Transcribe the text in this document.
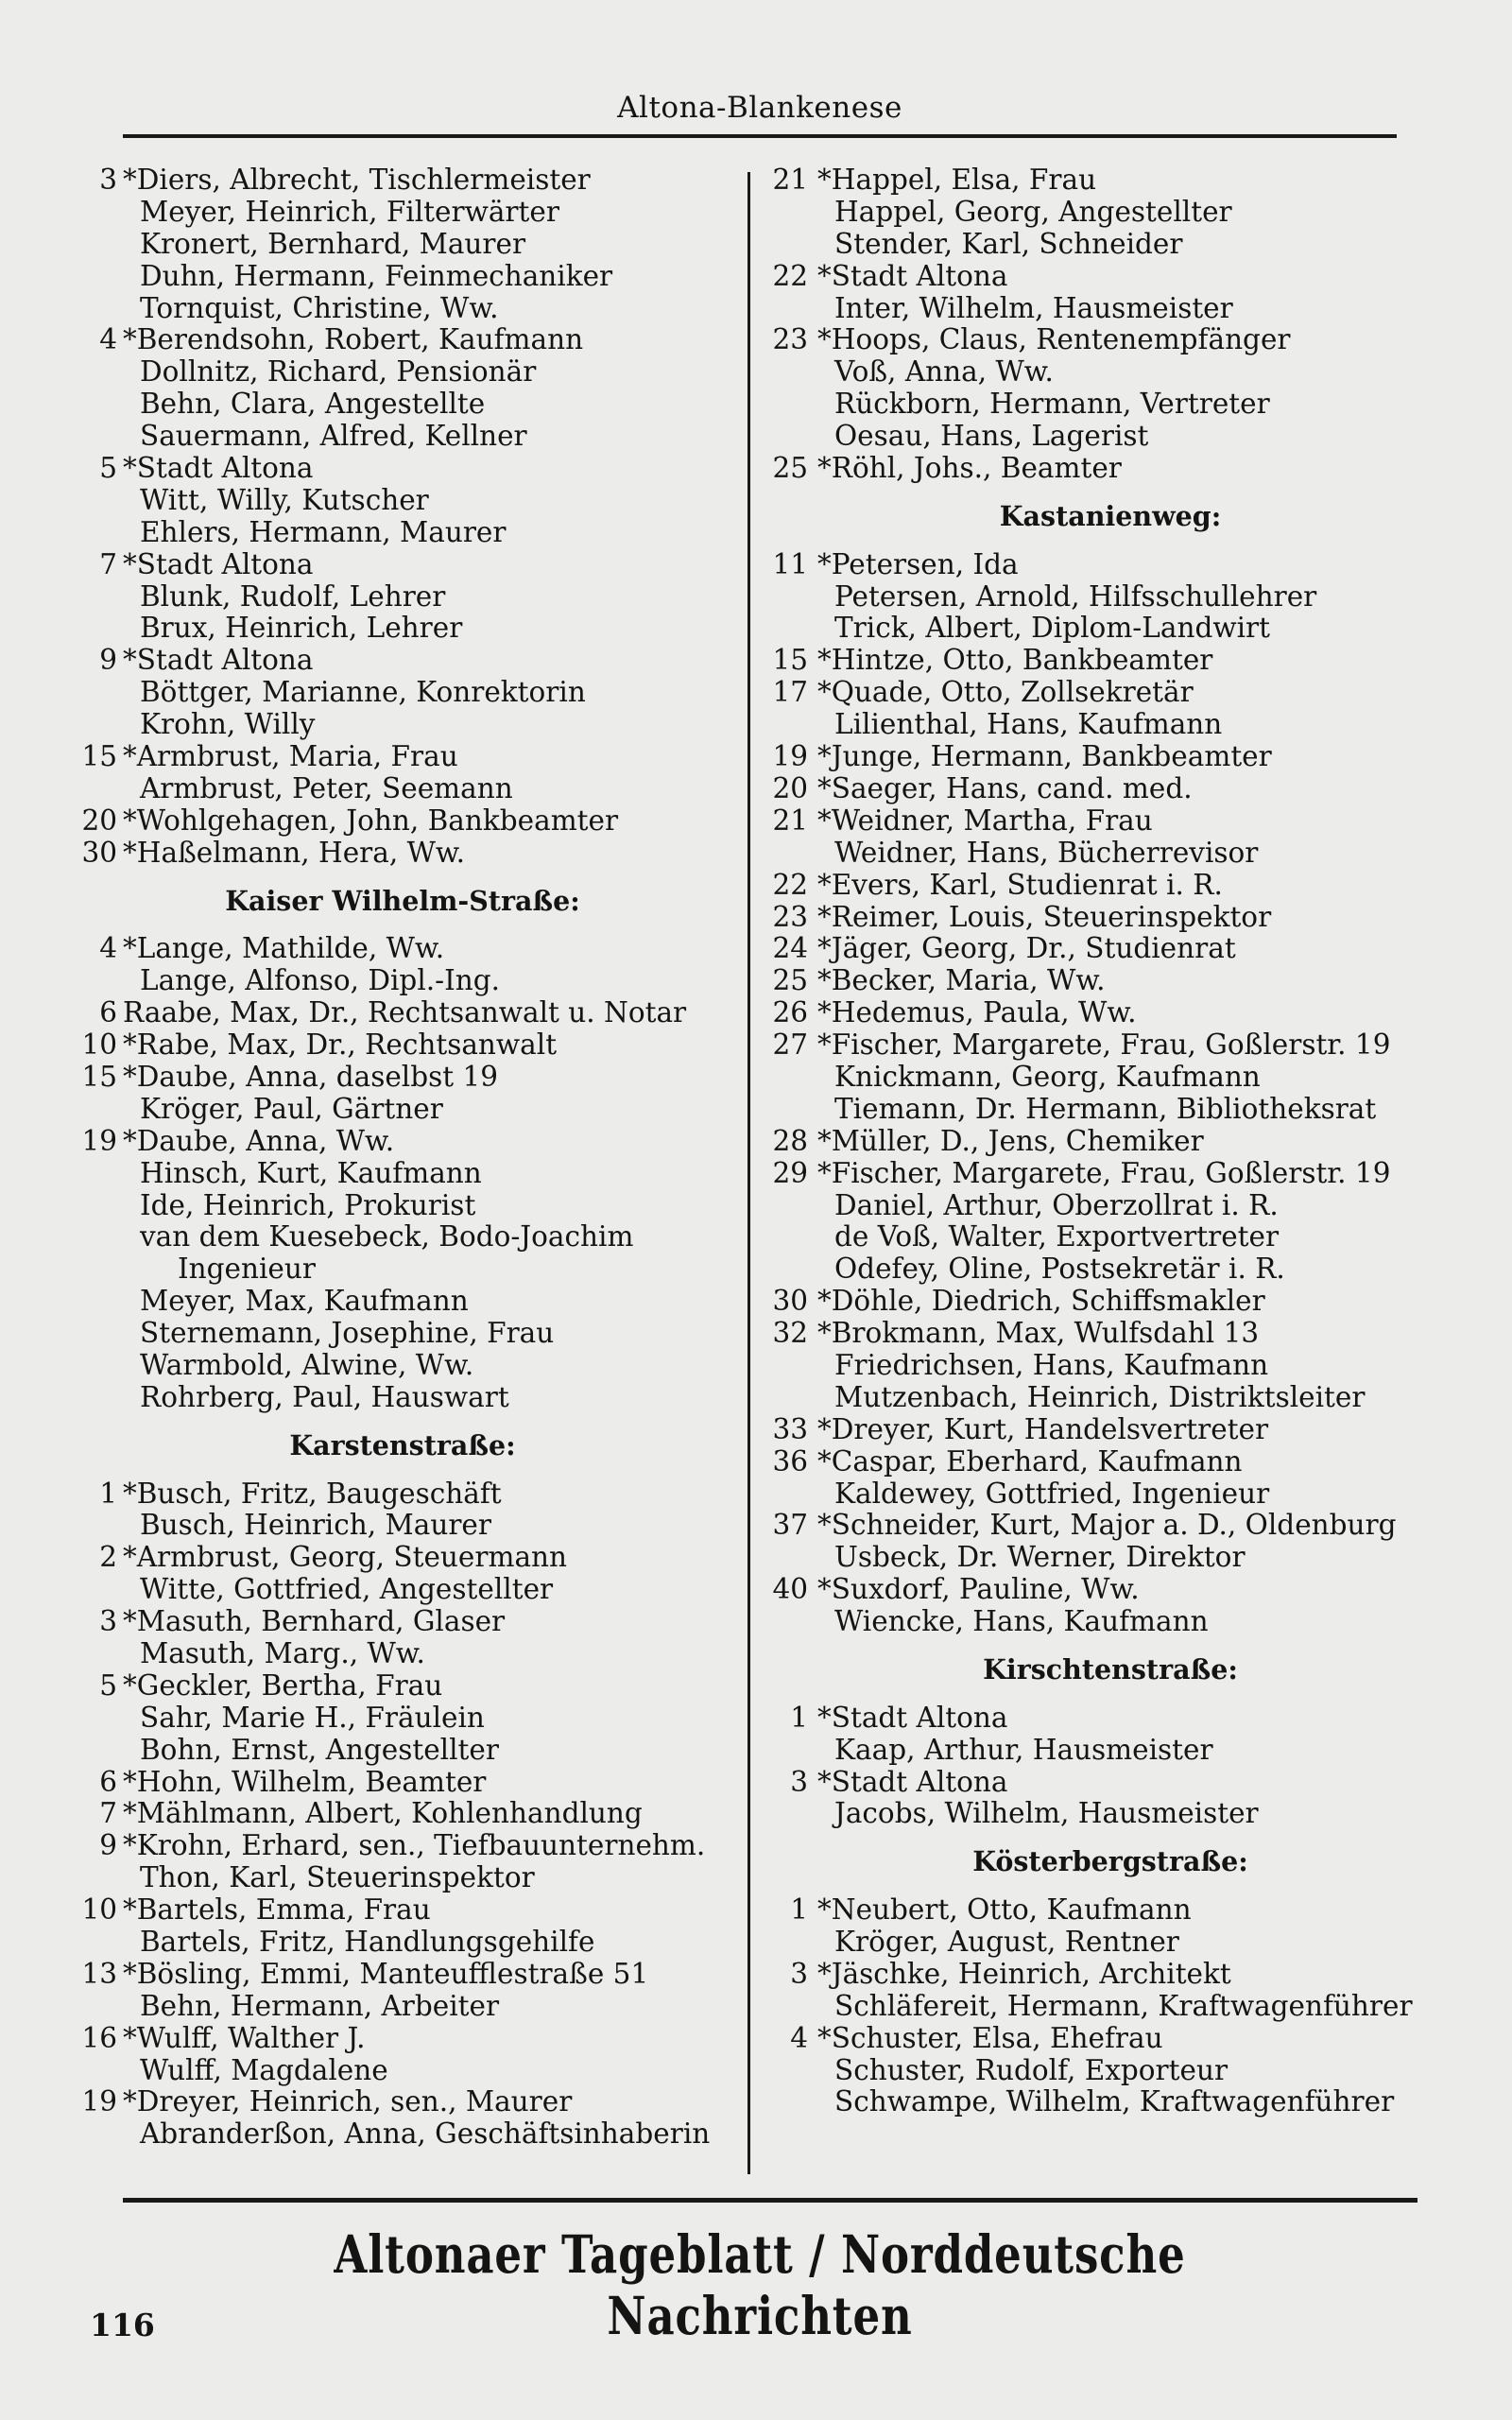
Altona-Blankenese
3 *Diers, Albrecht, Tischlermeister
Meyer, Heinrich, Filterwärter
Kronert, Bernhard, Maurer
Duhn, Hermann, Feinmechaniker
Tornquist, Christine, Ww.
4 *Berendsohn, Robert, Kaufmann
Dollnitz, Richard, Pensionär
Behn, Clara, Angestellte
Sauermann, Alfred, Kellner
5 *Stadt Altona
Witt, Willy, Kutscher
Ehlers, Hermann, Maurer
7 *Stadt Altona
Blunk, Rudolf, Lehrer
Brux, Heinrich, Lehrer
9 *Stadt Altona
Böttger, Marianne, Konrektorin
Krohn, Willy
15 *Armbrust, Maria, Frau
Armbrust, Peter, Seemann
20 *Wohlgehagen, John, Bankbeamter
30 *Haßelmann, Hera, Ww.
Kaiser Wilhelm-Straße:
4 *Lange, Mathilde, Ww.
Lange, Alfonso, Dipl.-Ing.
6 Raabe, Max, Dr., Rechtsanwalt u. Notar
10 *Rabe, Max, Dr., Rechtsanwalt
15 *Daube, Anna, daselbst 19
Kröger, Paul, Gärtner
19 *Daube, Anna, Ww.
Hinsch, Kurt, Kaufmann
Ide, Heinrich, Prokurist
van dem Kuesebeck, Bodo-Joachim
Ingenieur
Meyer, Max, Kaufmann
Sternemann, Josephine, Frau
Warmbold, Alwine, Ww.
Rohrberg, Paul, Hauswart
Karstenstraße:
1 *Busch, Fritz, Baugeschäft
Busch, Heinrich, Maurer
2 *Armbrust, Georg, Steuermann
Witte, Gottfried, Angestellter
3 *Masuth, Bernhard, Glaser
Masuth, Marg., Ww.
5 *Geckler, Bertha, Frau
Sahr, Marie H., Fräulein
Bohn, Ernst, Angestellter
6 *Hohn, Wilhelm, Beamter
7 *Mählmann, Albert, Kohlenhandlung
9 *Krohn, Erhard, sen., Tiefbauunternehm.
Thon, Karl, Steuerinspektor
10 *Bartels, Emma, Frau
Bartels, Fritz, Handlungsgehilfe
13 *Bösling, Emmi, Manteufflestraße 51
Behn, Hermann, Arbeiter
16 *Wulff, Walther J.
Wulff, Magdalene
19 *Dreyer, Heinrich, sen., Maurer
Abranderßon, Anna, Geschäftsinhaberin
21 *Happel, Elsa, Frau
Happel, Georg, Angestellter
Stender, Karl, Schneider
22 *Stadt Altona
Inter, Wilhelm, Hausmeister
23 *Hoops, Claus, Rentenempfänger
Voß, Anna, Ww.
Rückborn, Hermann, Vertreter
Oesau, Hans, Lagerist
25 *Röhl, Johs., Beamter
Kastanienweg:
11 *Petersen, Ida
Petersen, Arnold, Hilfsschullehrer
Trick, Albert, Diplom-Landwirt
15 *Hintze, Otto, Bankbeamter
17 *Quade, Otto, Zollsekretär
Lilienthal, Hans, Kaufmann
19 *Junge, Hermann, Bankbeamter
20 *Saeger, Hans, cand. med.
21 *Weidner, Martha, Frau
Weidner, Hans, Bücherrevisor
22 *Evers, Karl, Studienrat i. R.
23 *Reimer, Louis, Steuerinspektor
24 *Jäger, Georg, Dr., Studienrat
25 *Becker, Maria, Ww.
26 *Hedemus, Paula, Ww.
27 *Fischer, Margarete, Frau, Goßlerstr. 19
Knickmann, Georg, Kaufmann
Tiemann, Dr. Hermann, Bibliotheksrat
28 *Müller, D., Jens, Chemiker
29 *Fischer, Margarete, Frau, Goßlerstr. 19
Daniel, Arthur, Oberzollrat i. R.
de Voß, Walter, Exportvertreter
Odefey, Oline, Postsekretär i. R.
30 *Döhle, Diedrich, Schiffsmakler
32 *Brokmann, Max, Wulfsdahl 13
Friedrichsen, Hans, Kaufmann
Mutzenbach, Heinrich, Distriktsleiter
33 *Dreyer, Kurt, Handelsvertreter
36 *Caspar, Eberhard, Kaufmann
Kaldewey, Gottfried, Ingenieur
37 *Schneider, Kurt, Major a. D., Oldenburg
Usbeck, Dr. Werner, Direktor
40 *Suxdorf, Pauline, Ww.
Wiencke, Hans, Kaufmann
Kirschtenstraße:
1 *Stadt Altona
Kaap, Arthur, Hausmeister
3 *Stadt Altona
Jacobs, Wilhelm, Hausmeister
Kösterbergstraße:
1 *Neubert, Otto, Kaufmann
Kröger, August, Rentner
3 *Jäschke, Heinrich, Architekt
Schläfereit, Hermann, Kraftwagenführer
4 *Schuster, Elsa, Ehefrau
Schuster, Rudolf, Exporteur
Schwampe, Wilhelm, Kraftwagenführer
Altonaer Tageblatt / Norddeutsche Nachrichten
116
